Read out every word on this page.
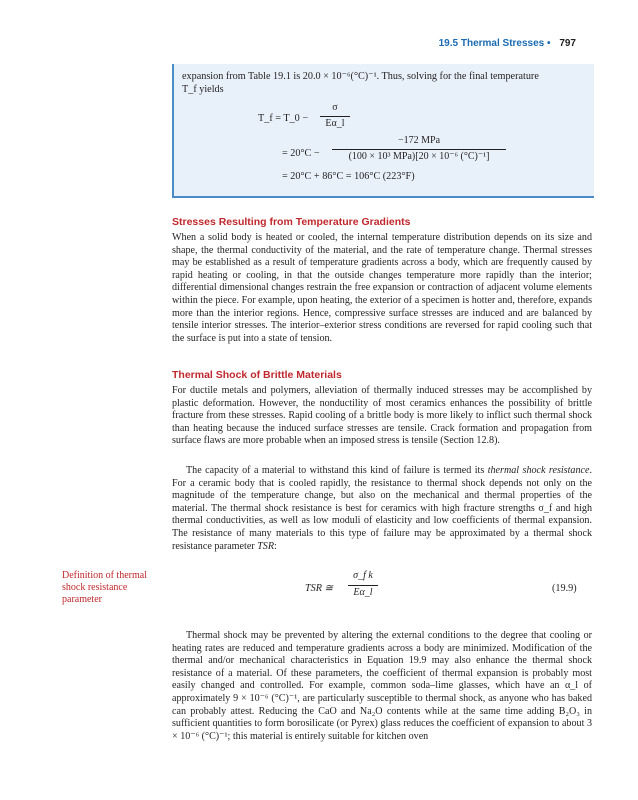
19.5 Thermal Stresses • 797
expansion from Table 19.1 is 20.0 × 10⁻⁶(°C)⁻¹. Thus, solving for the final temperature
T_f yields
T_f = T_0 −
σ
Eα_l
= 20°C −
−172 MPa
(100 × 10³ MPa)[20 × 10⁻⁶ (°C)⁻¹]
= 20°C + 86°C = 106°C (223°F)
Stresses Resulting from Temperature Gradients

When a solid body is heated or cooled, the internal temperature distribution depends on its size and shape, the thermal conductivity of the material, and the rate of temperature change. Thermal stresses may be established as a result of temperature gradients across a body, which are frequently caused by rapid heating or cooling, in that the outside changes temperature more rapidly than the interior; differential dimensional changes restrain the free expansion or contraction of adjacent volume elements within the piece. For example, upon heating, the exterior of a specimen is hotter and, therefore, expands more than the interior regions. Hence, compressive surface stresses are induced and are balanced by tensile interior stresses. The interior–exterior stress conditions are reversed for rapid cooling such that the surface is put into a state of tension.

Thermal Shock of Brittle Materials

For ductile metals and polymers, alleviation of thermally induced stresses may be accomplished by plastic deformation. However, the nonductility of most ceramics enhances the possibility of brittle fracture from these stresses. Rapid cooling of a brittle body is more likely to inflict such thermal shock than heating because the induced surface stresses are tensile. Crack formation and propagation from surface flaws are more probable when an imposed stress is tensile (Section 12.8).

The capacity of a material to withstand this kind of failure is termed its thermal shock resistance. For a ceramic body that is cooled rapidly, the resistance to thermal shock depends not only on the magnitude of the temperature change, but also on the mechanical and thermal properties of the material. The thermal shock resistance is best for ceramics with high fracture strengths σ_f and high thermal conductivities, as well as low moduli of elasticity and low coefficients of thermal expansion. The resistance of many materials to this type of failure may be approximated by a thermal shock resistance parameter TSR:

Definition of thermal shock resistance parameter
TSR ≅
σ_f k
Eα_l	(19.9)

Thermal shock may be prevented by altering the external conditions to the degree that cooling or heating rates are reduced and temperature gradients across a body are minimized. Modification of the thermal and/or mechanical characteristics in Equation 19.9 may also enhance the thermal shock resistance of a material. Of these parameters, the coefficient of thermal expansion is probably most easily changed and controlled. For example, common soda–lime glasses, which have an α_l of approximately 9 × 10⁻⁶ (°C)⁻¹, are particularly susceptible to thermal shock, as anyone who has baked can probably attest. Reducing the CaO and Na₂O contents while at the same time adding B₂O₃ in sufficient quantities to form borosilicate (or Pyrex) glass reduces the coefficient of expansion to about 3 × 10⁻⁶ (°C)⁻¹; this material is entirely suitable for kitchen oven
